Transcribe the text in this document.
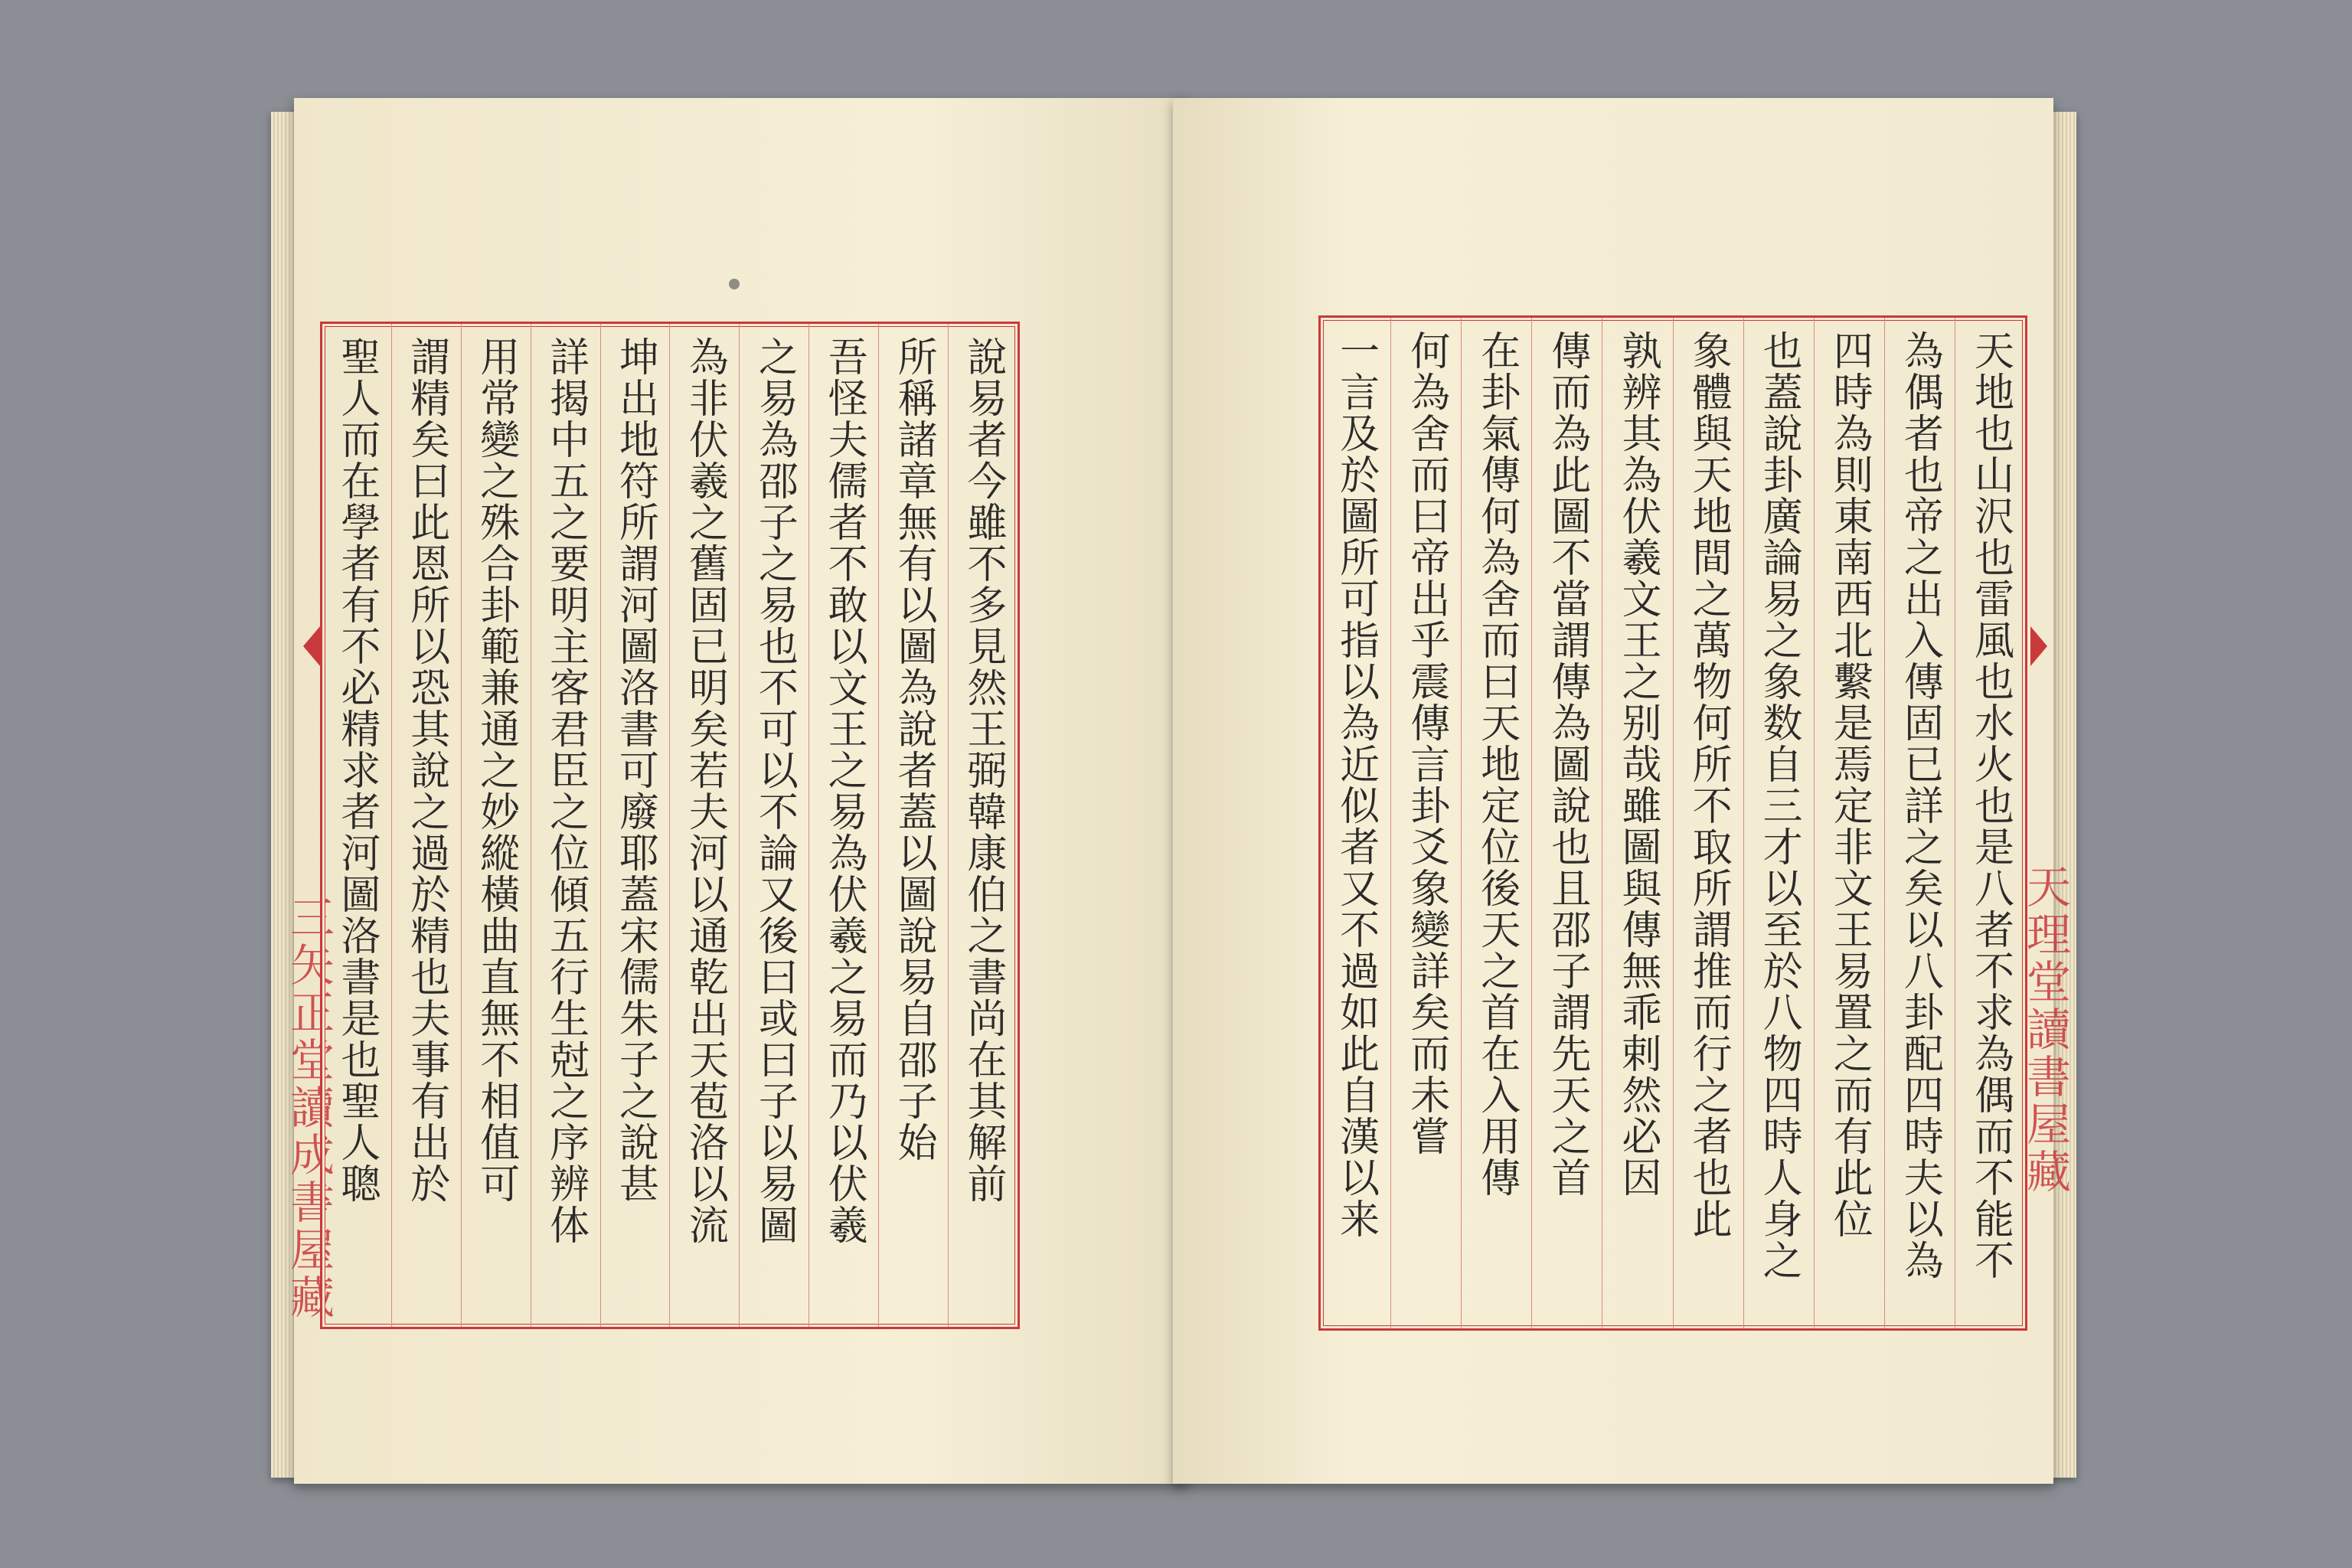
三矢正堂讀成書屋藏	說易者今雖不多見然王弼韓康伯之書尚在其解前
所稱諸章無有以圖為說者蓋以圖說易自邵子始
吾怪夫儒者不敢以文王之易為伏羲之易而乃以伏羲
之易為邵子之易也不可以不論又後曰或曰子以易圖
為非伏羲之舊固已明矣若夫河以通乾出天苞洛以流
坤出地符所謂河圖洛書可廢耶蓋宋儒朱子之說甚
詳揭中五之要明主客君臣之位傾五行生尅之序辨体
用常變之殊合卦範兼通之妙縱橫曲直無不相值可
謂精矣曰此恩所以恐其說之過於精也夫事有出於
聖人而在學者有不必精求者河圖洛書是也聖人聰	天理堂讀書屋藏
天地也山沢也雷風也水火也是八者不求為偶而不能不
為偶者也帝之出入傳固已詳之矣以八卦配四時夫以為
四時為則東南西北繫是焉定非文王易置之而有此位
也蓋說卦廣論易之象数自三才以至於八物四時人身之
象體與天地間之萬物何所不取所謂推而行之者也此
孰辨其為伏羲文王之别哉雖圖與傳無乖剌然必因
傳而為此圖不當謂傳為圖說也且邵子謂先天之首
在卦氣傳何為舍而曰天地定位後天之首在入用傳
何為舍而曰帝出乎震傳言卦爻象變詳矣而未嘗
一言及於圖所可指以為近似者又不過如此自漢以来
